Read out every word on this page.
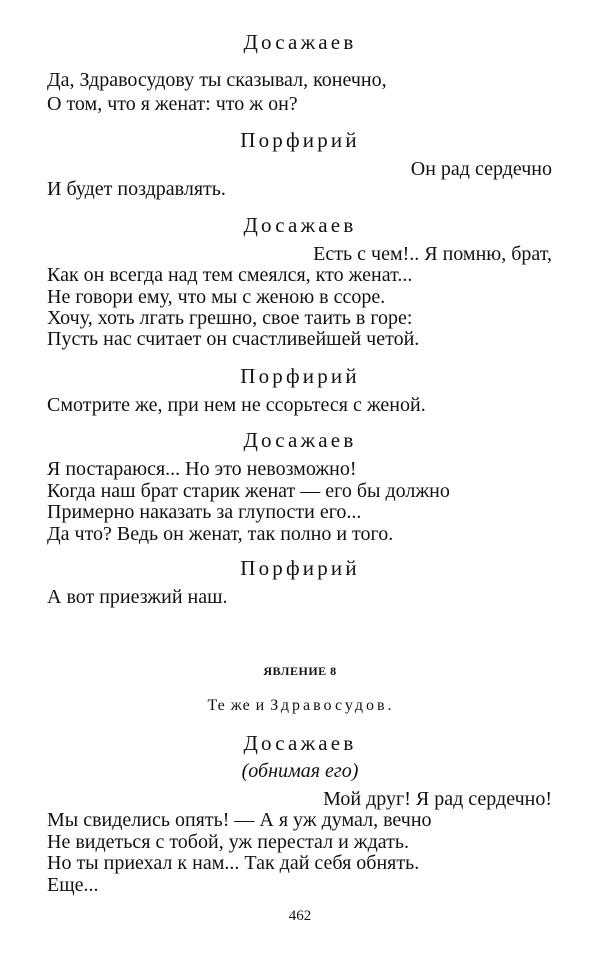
Досажаев
Да, Здравосудову ты сказывал, конечно,
О том, что я женат: что ж он?
Порфирий
Он рад сердечно
И будет поздравлять.
Досажаев
Есть с чем!.. Я помню, брат,
Как он всегда над тем смеялся, кто женат...
Не говори ему, что мы с женою в ссоре.
Хочу, хоть лгать грешно, свое таить в горе:
Пусть нас считает он счастливейшей четой.
Порфирий
Смотрите же, при нем не ссорьтеся с женой.
Досажаев
Я постараюся... Но это невозможно!
Когда наш брат старик женат — его бы должно
Примерно наказать за глупости его...
Да что? Ведь он женат, так полно и того.
Порфирий
А вот приезжий наш.
ЯВЛЕНИЕ 8
Те же и Здравосудов.
Досажаев
(обнимая его)
Мой друг! Я рад сердечно!
Мы свиделись опять! — А я уж думал, вечно
Не видеться с тобой, уж перестал и ждать.
Но ты приехал к нам... Так дай себя обнять.
Еще...
462
